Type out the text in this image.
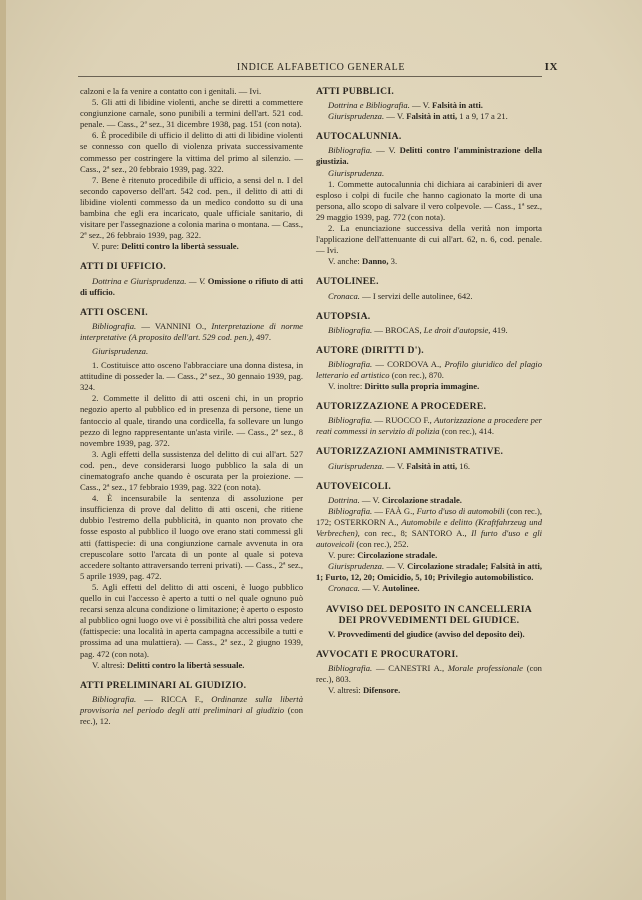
INDICE ALFABETICO GENERALE	IX

calzoni e la fa venire a contatto con i genitali. — Ivi.

5. Gli atti di libidine violenti, anche se diretti a commettere congiunzione carnale, sono punibili a termini dell'art. 521 cod. penale. — Cass., 2ª sez., 31 dicembre 1938, pag. 151 (con nota).

6. È procedibile di ufficio il delitto di atti di libidine violenti se connesso con quello di violenza privata successivamente commesso per costringere la vittima del primo al silenzio. — Cass., 2ª sez., 20 febbraio 1939, pag. 322.

7. Bene è ritenuto procedibile di ufficio, a sensi del n. I del secondo capoverso dell'art. 542 cod. pen., il delitto di atti di libidine violenti commesso da un medico condotto su di una bambina che egli era incaricato, quale ufficiale sanitario, di visitare per l'assegnazione a colonia marina o montana. — Cass., 2ª sez., 26 febbraio 1939, pag. 322.

V. pure: Delitti contro la libertà sessuale.

ATTI DI UFFICIO.

Dottrina e Giurisprudenza. — V. Omissione o rifiuto di atti di ufficio.

ATTI OSCENI.

Bibliografia. — VANNINI O., Interpretazione di norme interpretative (A proposito dell'art. 529 cod. pen.), 497.

Giurisprudenza.

1. Costituisce atto osceno l'abbracciare una donna distesa, in attitudine di posseder la. — Cass., 2ª sez., 30 gennaio 1939, pag. 324.

2. Commette il delitto di atti osceni chi, in un proprio negozio aperto al pubblico ed in presenza di persone, tiene un fantoccio al quale, tirando una cordicella, fa sollevare un lungo pezzo di legno rappresentante un'asta virile. — Cass., 2ª sez., 8 novembre 1939, pag. 372.

3. Agli effetti della sussistenza del delitto di cui all'art. 527 cod. pen., deve considerarsi luogo pubblico la sala di un cinematografo anche quando è oscurata per la proiezione. — Cass., 2ª sez., 17 febbraio 1939, pag. 322 (con nota).

4. È incensurabile la sentenza di assoluzione per insufficienza di prove dal delitto di atti osceni, che ritiene dubbio l'estremo della pubblicità, in quanto non provato che fosse esposto al pubblico il luogo ove erano stati commessi gli atti (fattispecie: di una congiunzione carnale avvenuta in ora crepuscolare sotto l'arcata di un ponte al quale si poteva accedere soltanto attraversando terreni privati). — Cass., 2ª sez., 5 aprile 1939, pag. 472.

5. Agli effetti del delitto di atti osceni, è luogo pubblico quello in cui l'accesso è aperto a tutti o nel quale ognuno può recarsi senza alcuna condizione o limitazione; è aperto o esposto al pubblico ogni luogo ove vi è possibilità che altri possa vedere (fattispecie: una località in aperta campagna accessibile a tutti e prossima ad una mulattiera). — Cass., 2ª sez., 2 giugno 1939, pag. 472 (con nota).

V. altresì: Delitti contro la libertà sessuale.

ATTI PRELIMINARI AL GIUDIZIO.

Bibliografia. — RICCA F., Ordinanze sulla libertà provvisoria nel periodo degli atti preliminari al giudizio (con rec.), 12.

ATTI PUBBLICI.

Dottrina e Bibliografia. — V. Falsità in atti.

Giurisprudenza. — V. Falsità in atti, 1 a 9, 17 a 21.

AUTOCALUNNIA.

Bibliografia. — V. Delitti contro l'amministrazione della giustizia.

Giurisprudenza.

1. Commette autocalunnia chi dichiara ai carabinieri di aver esploso i colpi di fucile che hanno cagionato la morte di una persona, allo scopo di salvare il vero colpevole. — Cass., 1ª sez., 29 maggio 1939, pag. 772 (con nota).

2. La enunciazione successiva della verità non importa l'applicazione dell'attenuante di cui all'art. 62, n. 6, cod. penale. — Ivi.

V. anche: Danno, 3.

AUTOLINEE.

Cronaca. — I servizi delle autolinee, 642.

AUTOPSIA.

Bibliografia. — BROCAS, Le droit d'autopsie, 419.

AUTORE (DIRITTI D').

Bibliografia. — CORDOVA A., Profilo giuridico del plagio letterario ed artistico (con rec.), 870.

V. inoltre: Diritto sulla propria immagine.

AUTORIZZAZIONE A PROCEDERE.

Bibliografia. — RUOCCO F., Autorizzazione a procedere per reati commessi in servizio di polizia (con rec.), 414.

AUTORIZZAZIONI AMMINISTRATIVE.

Giurisprudenza. — V. Falsità in atti, 16.

AUTOVEICOLI.

Dottrina. — V. Circolazione stradale.

Bibliografia. — FAÀ G., Furto d'uso di automobili (con rec.), 172; OSTERKORN A., Automobile e delitto (Kraftfahrzeug und Verbrechen), con rec., 8; SANTORO A., Il furto d'uso e gli autoveicoli (con rec.), 252.

V. pure: Circolazione stradale.

Giurisprudenza. — V. Circolazione stradale; Falsità in atti, 1; Furto, 12, 20; Omicidio, 5, 10; Privilegio automobilistico.

Cronaca. — V. Autolinee.

AVVISO DEL DEPOSITO IN CANCELLERIA DEI PROVVEDIMENTI DEL GIUDICE.

V. Provvedimenti del giudice (avviso del deposito dei).

AVVOCATI E PROCURATORI.

Bibliografia. — CANESTRI A., Morale professionale (con rec.), 803.

V. altresì: Difensore.
